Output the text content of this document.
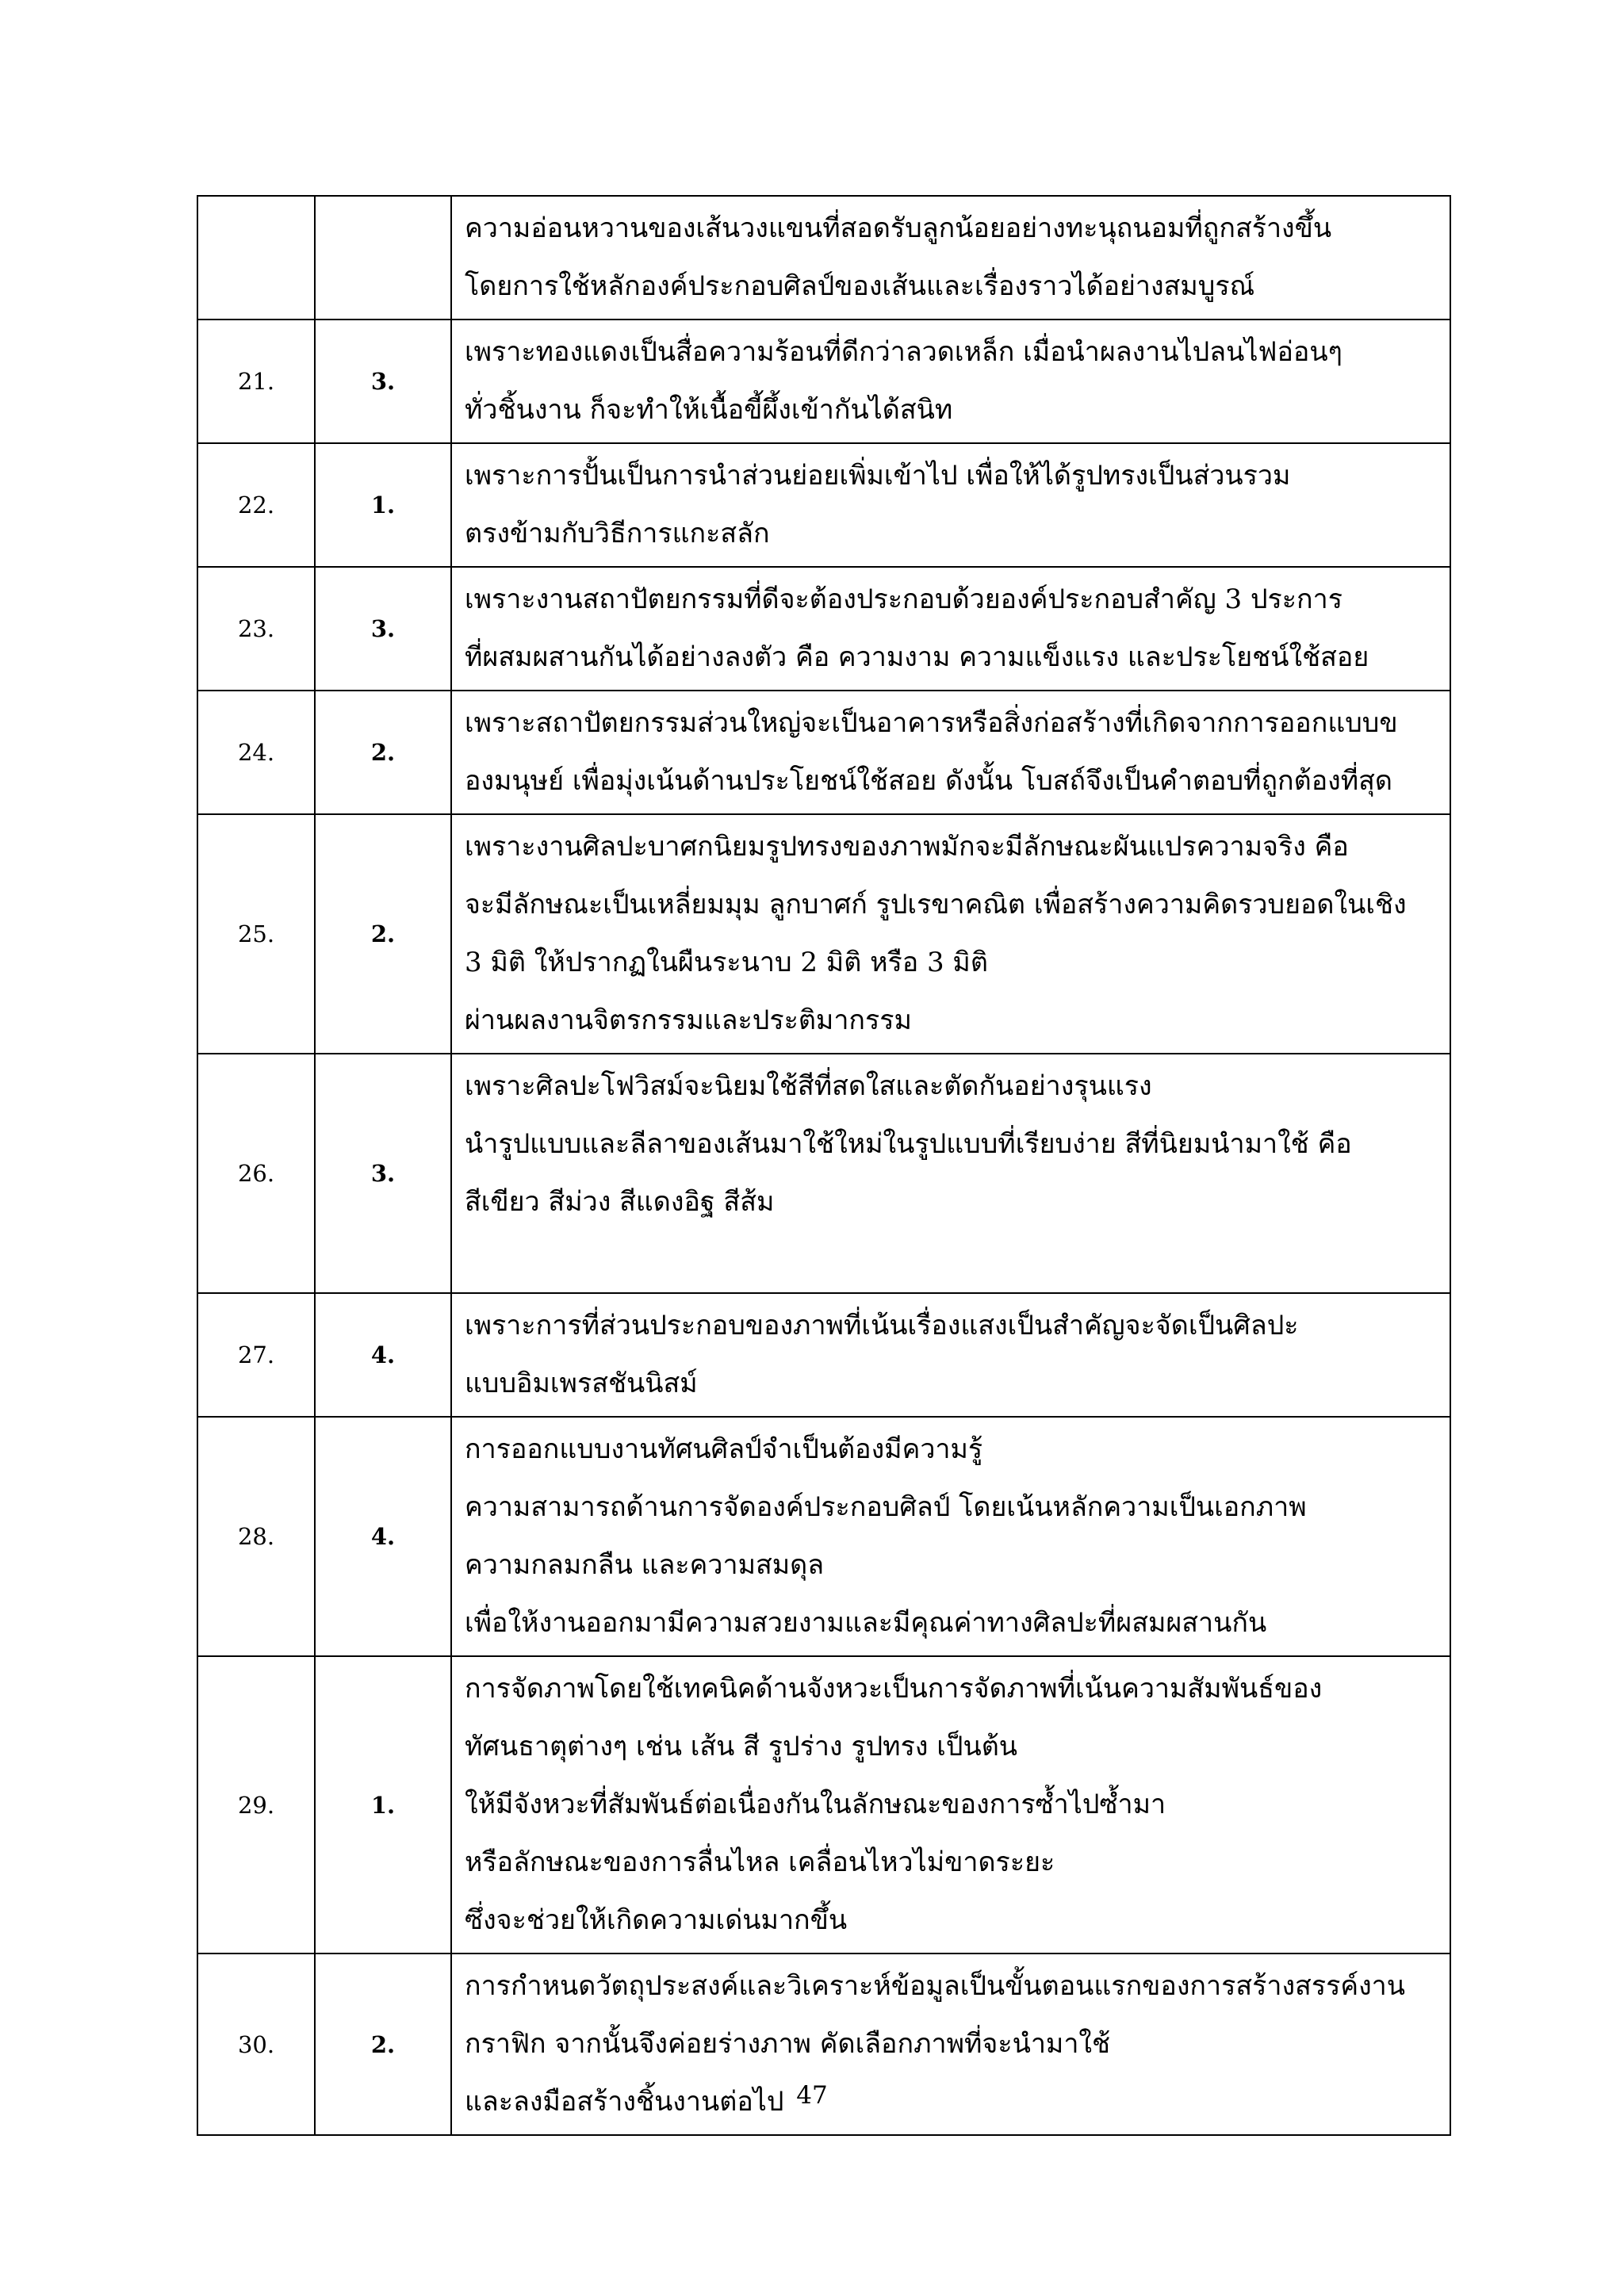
		ความอ่อนหวานของเส้นวงแขนที่สอดรับลูกน้อยอย่างทะนุถนอมที่ถูกสร้างขึ้น
โดยการใช้หลักองค์ประกอบศิลป์ของเส้นและเรื่องราวได้อย่างสมบูรณ์

21.	3.	เพราะทองแดงเป็นสื่อความร้อนที่ดีกว่าลวดเหล็ก เมื่อนำผลงานไปลนไฟอ่อนๆ
ทั่วชิ้นงาน ก็จะทำให้เนื้อขี้ผึ้งเข้ากันได้สนิท

22.	1.	เพราะการปั้นเป็นการนำส่วนย่อยเพิ่มเข้าไป เพื่อให้ได้รูปทรงเป็นส่วนรวม
ตรงข้ามกับวิธีการแกะสลัก

23.	3.	เพราะงานสถาปัตยกรรมที่ดีจะต้องประกอบด้วยองค์ประกอบสำคัญ 3 ประการ
ที่ผสมผสานกันได้อย่างลงตัว คือ ความงาม ความแข็งแรง และประโยชน์ใช้สอย

24.	2.	เพราะสถาปัตยกรรมส่วนใหญ่จะเป็นอาคารหรือสิ่งก่อสร้างที่เกิดจากการออกแบบข
องมนุษย์ เพื่อมุ่งเน้นด้านประโยชน์ใช้สอย ดังนั้น โบสถ์จึงเป็นคำตอบที่ถูกต้องที่สุด

25.	2.	เพราะงานศิลปะบาศกนิยมรูปทรงของภาพมักจะมีลักษณะผันแปรความจริง คือ
จะมีลักษณะเป็นเหลี่ยมมุม ลูกบาศก์ รูปเรขาคณิต เพื่อสร้างความคิดรวบยอดในเชิง
3 มิติ ให้ปรากฏในผืนระนาบ 2 มิติ หรือ 3 มิติ
ผ่านผลงานจิตรกรรมและประติมากรรม

26.	3.	เพราะศิลปะโฟวิสม์จะนิยมใช้สีที่สดใสและตัดกันอย่างรุนแรง
นำรูปแบบและลีลาของเส้นมาใช้ใหม่ในรูปแบบที่เรียบง่าย สีที่นิยมนำมาใช้ คือ
สีเขียว สีม่วง สีแดงอิฐ สีส้ม

27.	4.	เพราะการที่ส่วนประกอบของภาพที่เน้นเรื่องแสงเป็นสำคัญจะจัดเป็นศิลปะ
แบบอิมเพรสชันนิสม์

28.	4.	การออกแบบงานทัศนศิลป์จำเป็นต้องมีความรู้
ความสามารถด้านการจัดองค์ประกอบศิลป์ โดยเน้นหลักความเป็นเอกภาพ
ความกลมกลืน และความสมดุล
เพื่อให้งานออกมามีความสวยงามและมีคุณค่าทางศิลปะที่ผสมผสานกัน

29.	1.	การจัดภาพโดยใช้เทคนิคด้านจังหวะเป็นการจัดภาพที่เน้นความสัมพันธ์ของ
ทัศนธาตุต่างๆ เช่น เส้น สี รูปร่าง รูปทรง เป็นต้น
ให้มีจังหวะที่สัมพันธ์ต่อเนื่องกันในลักษณะของการซ้ำไปซ้ำมา
หรือลักษณะของการลื่นไหล เคลื่อนไหวไม่ขาดระยะ
ซึ่งจะช่วยให้เกิดความเด่นมากขึ้น

30.	2.	การกำหนดวัตถุประสงค์และวิเคราะห์ข้อมูลเป็นขั้นตอนแรกของการสร้างสรรค์งาน
กราฟิก จากนั้นจึงค่อยร่างภาพ คัดเลือกภาพที่จะนำมาใช้
และลงมือสร้างชิ้นงานต่อไป 47
